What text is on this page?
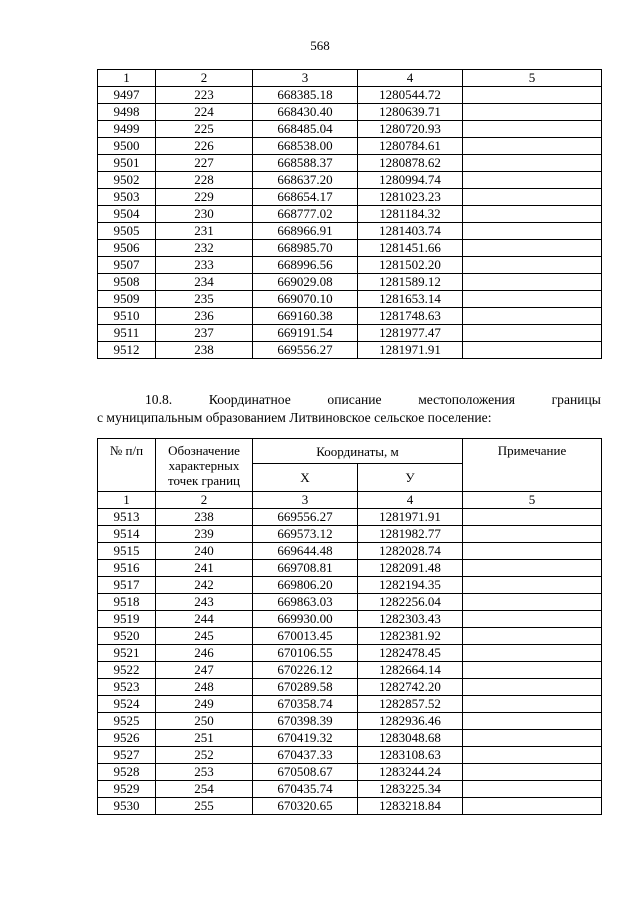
568
1	2	3	4	5
9497	223	668385.18	1280544.72	
9498	224	668430.40	1280639.71	
9499	225	668485.04	1280720.93	
9500	226	668538.00	1280784.61	
9501	227	668588.37	1280878.62	
9502	228	668637.20	1280994.74	
9503	229	668654.17	1281023.23	
9504	230	668777.02	1281184.32	
9505	231	668966.91	1281403.74	
9506	232	668985.70	1281451.66	
9507	233	668996.56	1281502.20	
9508	234	669029.08	1281589.12	
9509	235	669070.10	1281653.14	
9510	236	669160.38	1281748.63	
9511	237	669191.54	1281977.47	
9512	238	669556.27	1281971.91	
10.8.	Координатное	описание	местоположения	границы
с муниципальным образованием Литвиновское сельское поселение:
№ п/п	Обозначение характерных точек границ	Координаты, м		Примечание
		X	У	
1	2	3	4	5
9513	238	669556.27	1281971.91	
9514	239	669573.12	1281982.77	
9515	240	669644.48	1282028.74	
9516	241	669708.81	1282091.48	
9517	242	669806.20	1282194.35	
9518	243	669863.03	1282256.04	
9519	244	669930.00	1282303.43	
9520	245	670013.45	1282381.92	
9521	246	670106.55	1282478.45	
9522	247	670226.12	1282664.14	
9523	248	670289.58	1282742.20	
9524	249	670358.74	1282857.52	
9525	250	670398.39	1282936.46	
9526	251	670419.32	1283048.68	
9527	252	670437.33	1283108.63	
9528	253	670508.67	1283244.24	
9529	254	670435.74	1283225.34	
9530	255	670320.65	1283218.84	
